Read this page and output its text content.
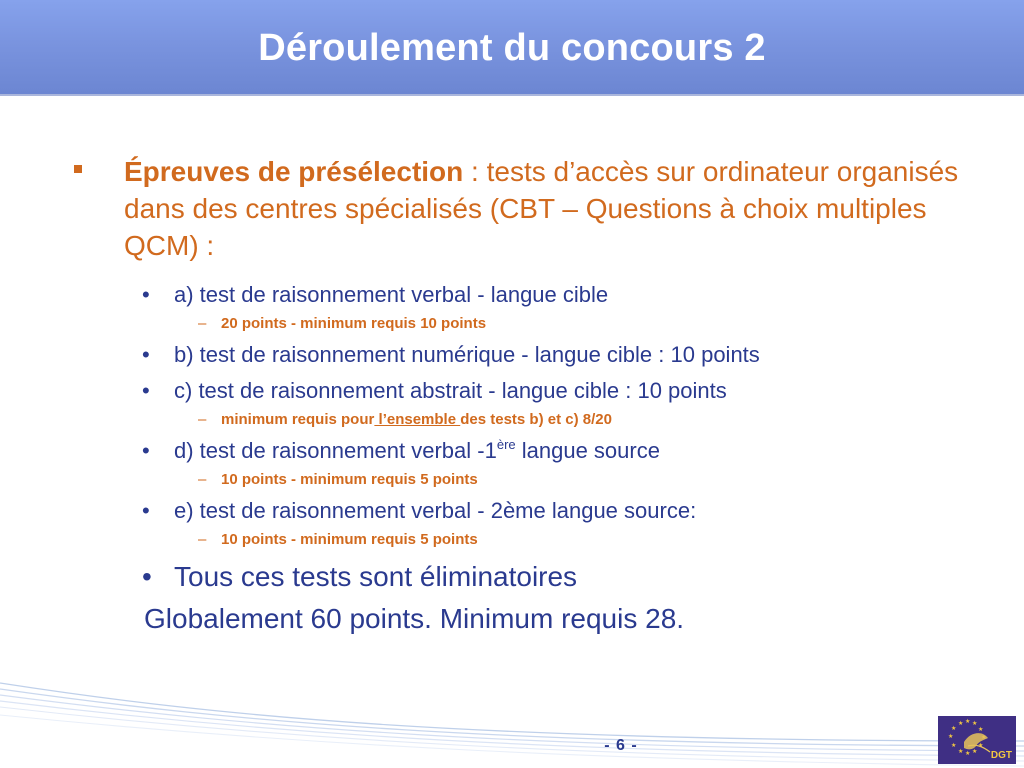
Déroulement du concours 2
Épreuves de présélection : tests d’accès sur ordinateur organisés dans des centres spécialisés (CBT – Questions à choix multiples QCM) :
• a) test de raisonnement verbal - langue cible
– 20 points - minimum requis 10 points
• b) test de raisonnement numérique - langue cible : 10 points
• c) test de raisonnement abstrait - langue cible : 10 points
– minimum requis pour l’ensemble des tests b) et c) 8/20
• d) test de raisonnement verbal -1ère langue source
– 10 points - minimum requis 5 points
• e) test de raisonnement verbal - 2ème langue source:
– 10 points - minimum requis 5 points
• Tous ces tests sont éliminatoires
Globalement 60 points. Minimum requis 28.
- 6 -
★ ★ ★
★	★
★
★	★
★ ★ ★ DGT
